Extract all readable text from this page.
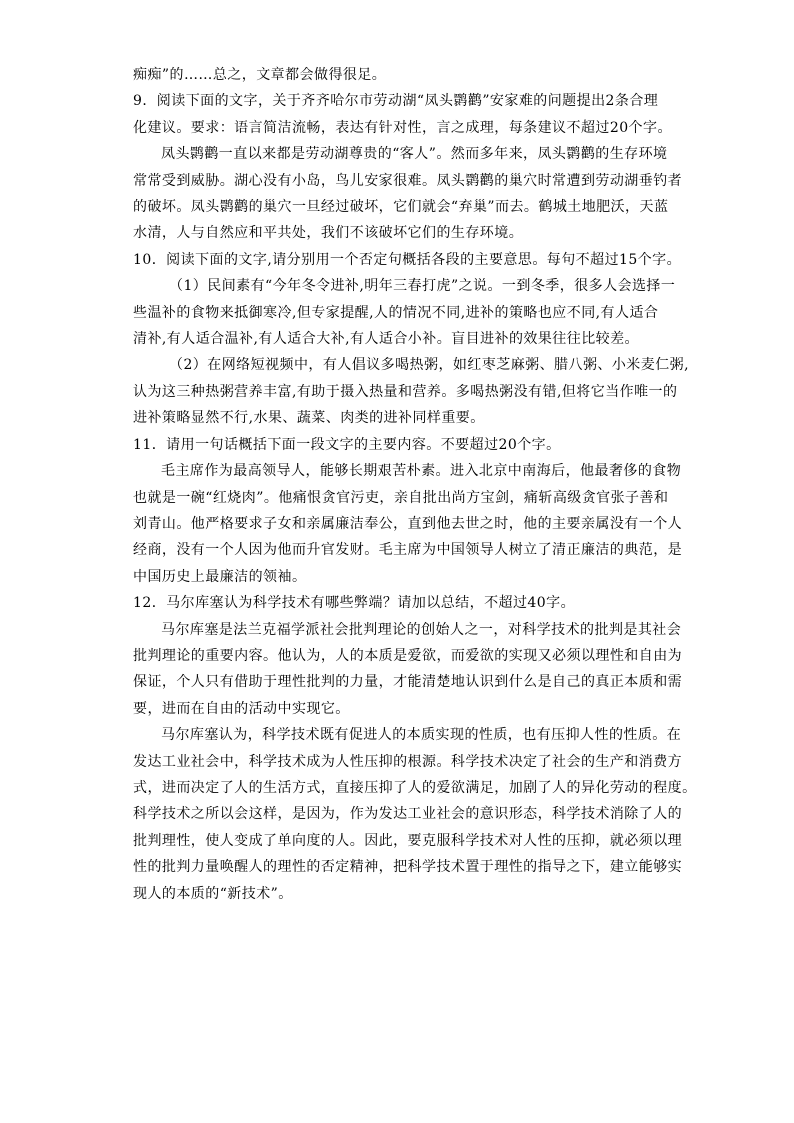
痴痴”的……总之，文章都会做得很足。
9．阅读下面的文字，关于齐齐哈尔市劳动湖“凤头鹮鹳”安家难的问题提出2条合理
化建议。要求：语言简洁流畅，表达有针对性，言之成理，每条建议不超过20个字。
凤头鹮鹳一直以来都是劳动湖尊贵的“客人”。然而多年来，凤头鹮鹳的生存环境
常常受到威胁。湖心没有小岛，鸟儿安家很难。凤头鹮鹳的巢穴时常遭到劳动湖垂钓者
的破坏。凤头鹮鹳的巢穴一旦经过破坏，它们就会“弃巢”而去。鹤城土地肥沃，天蓝
水清，人与自然应和平共处，我们不该破坏它们的生存环境。
10．阅读下面的文字,请分别用一个否定句概括各段的主要意思。每句不超过15个字。
（1）民间素有“今年冬令进补,明年三春打虎”之说。一到冬季，很多人会选择一
些温补的食物来抵御寒冷,但专家提醒,人的情况不同,进补的策略也应不同,有人适合
清补,有人适合温补,有人适合大补,有人适合小补。盲目进补的效果往往比较差。
（2）在网络短视频中，有人倡议多喝热粥，如红枣芝麻粥、腊八粥、小米麦仁粥,
认为这三种热粥营养丰富,有助于摄入热量和营养。多喝热粥没有错,但将它当作唯一的
进补策略显然不行,水果、蔬菜、肉类的进补同样重要。
11．请用一句话概括下面一段文字的主要内容。不要超过20个字。
毛主席作为最高领导人，能够长期艰苦朴素。进入北京中南海后，他最奢侈的食物
也就是一碗“红烧肉”。他痛恨贪官污吏，亲自批出尚方宝剑，痛斩高级贪官张子善和
刘青山。他严格要求子女和亲属廉洁奉公，直到他去世之时，他的主要亲属没有一个人
经商，没有一个人因为他而升官发财。毛主席为中国领导人树立了清正廉洁的典范，是
中国历史上最廉洁的领袖。
12．马尔库塞认为科学技术有哪些弊端？请加以总结，不超过40字。
马尔库塞是法兰克福学派社会批判理论的创始人之一，对科学技术的批判是其社会
批判理论的重要内容。他认为，人的本质是爱欲，而爱欲的实现又必须以理性和自由为
保证，个人只有借助于理性批判的力量，才能清楚地认识到什么是自己的真正本质和需
要，进而在自由的活动中实现它。
马尔库塞认为，科学技术既有促进人的本质实现的性质，也有压抑人性的性质。在
发达工业社会中，科学技术成为人性压抑的根源。科学技术决定了社会的生产和消费方
式，进而决定了人的生活方式，直接压抑了人的爱欲满足，加剧了人的异化劳动的程度。
科学技术之所以会这样，是因为，作为发达工业社会的意识形态，科学技术消除了人的
批判理性，使人变成了单向度的人。因此，要克服科学技术对人性的压抑，就必须以理
性的批判力量唤醒人的理性的否定精神，把科学技术置于理性的指导之下，建立能够实
现人的本质的“新技术”。
